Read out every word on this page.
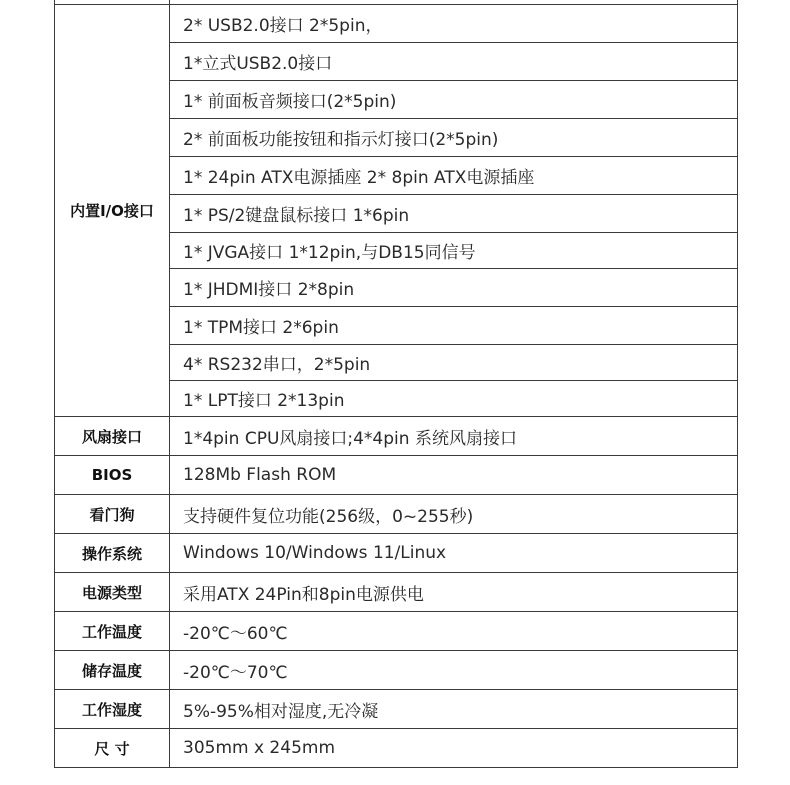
内置I/O接口	2* USB2.0接口 2*5pin，
	1*立式USB2.0接口
	1* 前面板音频接口(2*5pin)
	2* 前面板功能按钮和指示灯接口(2*5pin)
	1* 24pin ATX电源插座 2* 8pin ATX电源插座
	1* PS/2键盘鼠标接口 1*6pin
	1* JVGA接口 1*12pin,与DB15同信号
	1* JHDMI接口 2*8pin
	1* TPM接口 2*6pin
	4* RS232串口，2*5pin
	1* LPT接口 2*13pin
风扇接口	1*4pin CPU风扇接口;4*4pin 系统风扇接口
BIOS	128Mb Flash ROM
看门狗	支持硬件复位功能(256级，0~255秒)
操作系统	Windows 10/Windows 11/Linux
电源类型	采用ATX 24Pin和8pin电源供电
工作温度	-20℃～60℃
储存温度	-20℃～70℃
工作湿度	5%-95%相对湿度,无冷凝
尺 寸	305mm x 245mm
